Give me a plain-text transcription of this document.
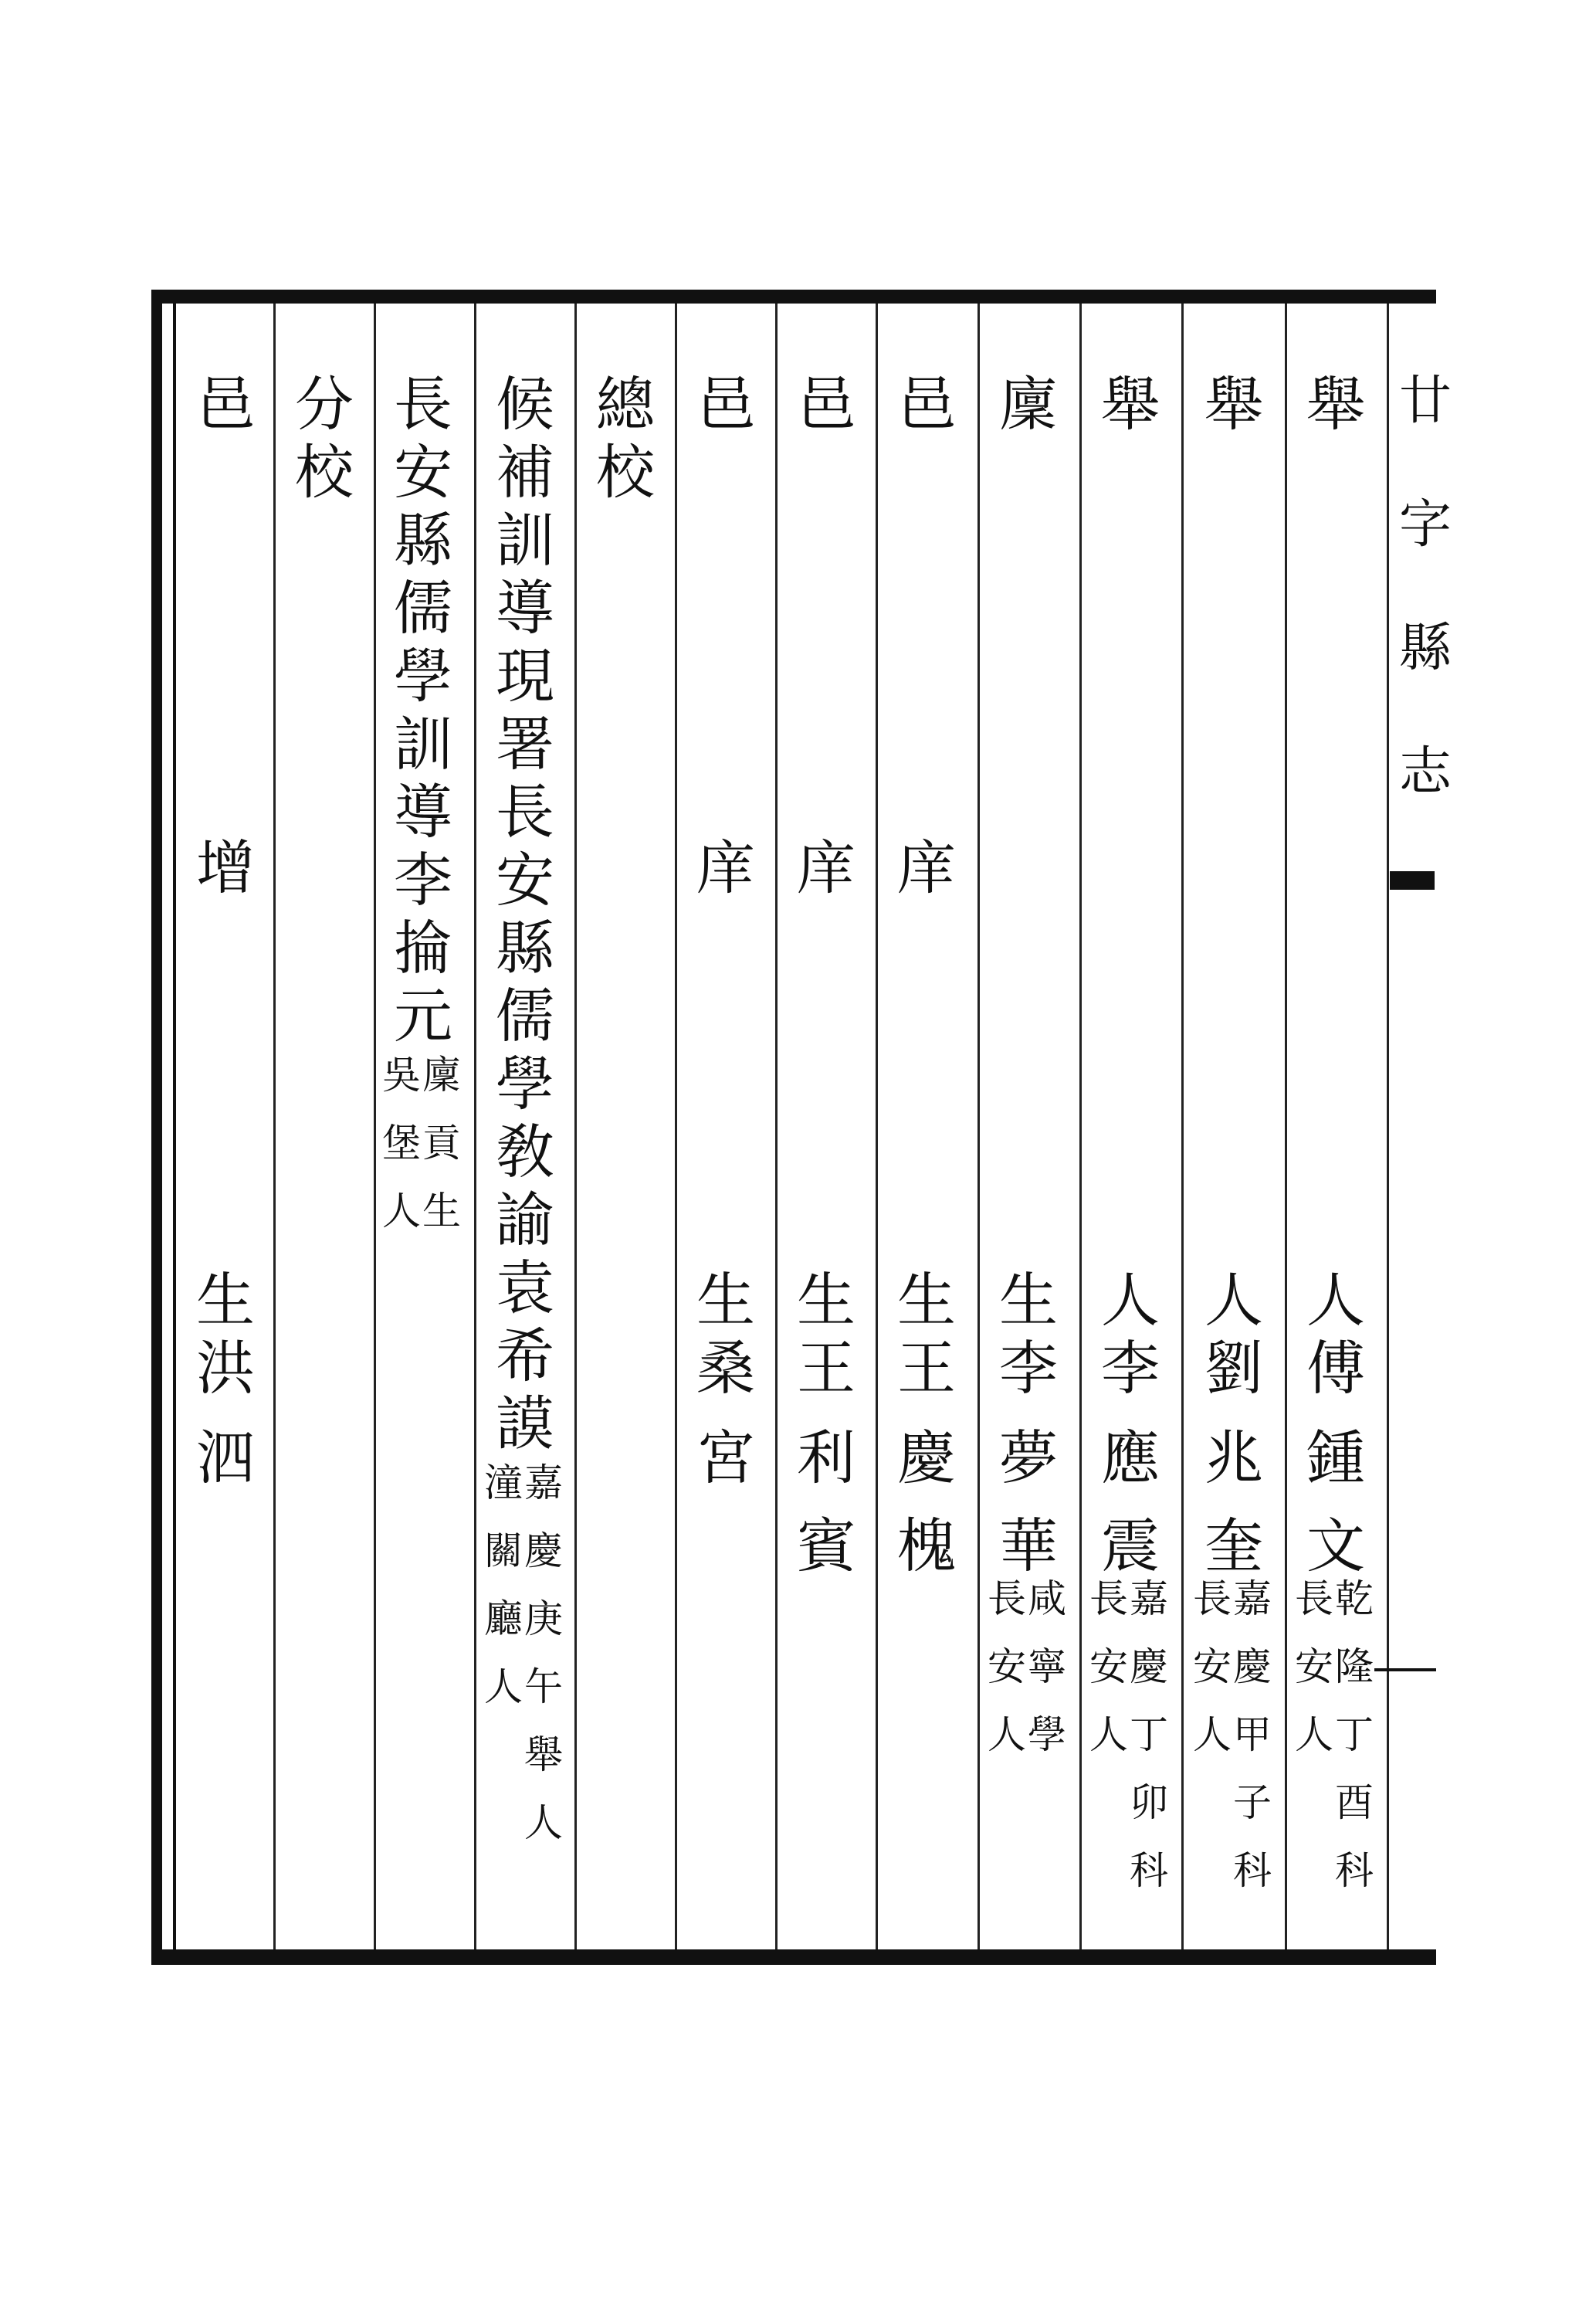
廿
字
縣
志
舉
人
傅
鍾
文
乾
隆
丁
酉
科
長
安
人
舉
人
劉
兆
奎
嘉
慶
甲
子
科
長
安
人
舉
人
李
應
震
嘉
慶
丁
卯
科
長
安
人
廩
生
李
夢
華
咸
寧
學
長
安
人
邑
庠
生
王
慶
槐
邑
庠
生
王
利
賓
邑
庠
生
桑
宮
總
校
候
補
訓
導
現
署
長
安
縣
儒
學
敎
諭
袁
希
謨
嘉
慶
庚
午
舉
人
潼
關
廳
人
長
安
縣
儒
學
訓
導
李
掄
元
廩
貢
生
吳
堡
人
分
校
邑
增
生
洪
泗
